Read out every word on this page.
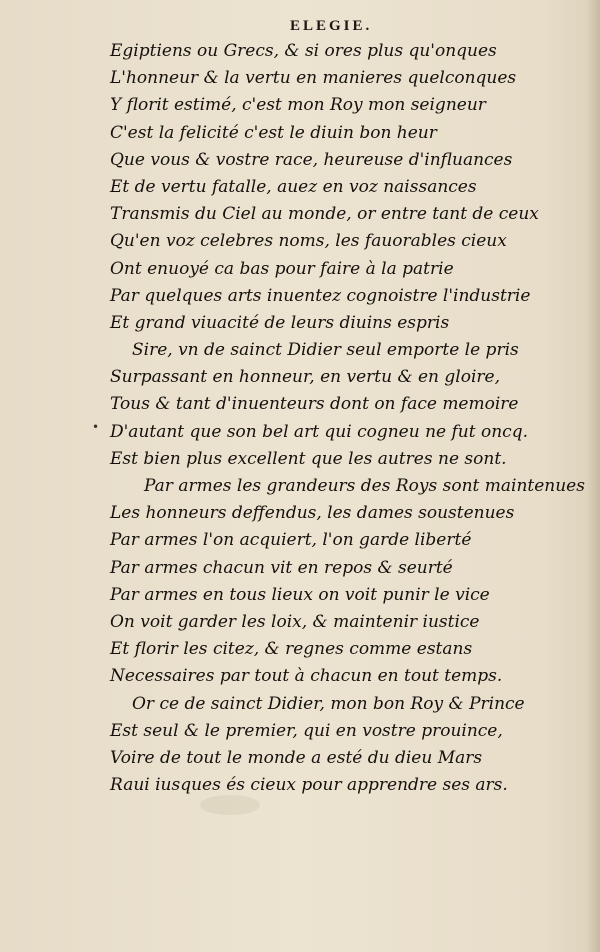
ELEGIE.
•
Egiptiens ou Grecs, & si ores plus qu'onques
L'honneur & la vertu en manieres quelconques
Y florit estimé, c'est mon Roy mon seigneur
C'est la felicité c'est le diuin bon heur
Que vous & vostre race, heureuse d'influances
Et de vertu fatalle, auez en voz naissances
Transmis du Ciel au monde, or entre tant de ceux
Qu'en voz celebres noms, les fauorables cieux
Ont enuoyé ca bas pour faire à la patrie
Par quelques arts inuentez cognoistre l'industrie
Et grand viuacité de leurs diuins espris
Sire, vn de sainct Didier seul emporte le pris
Surpassant en honneur, en vertu & en gloire,
Tous & tant d'inuenteurs dont on face memoire
D'autant que son bel art qui cogneu ne fut oncq.
Est bien plus excellent que les autres ne sont.
Par armes les grandeurs des Roys sont maintenues
Les honneurs deffendus, les dames soustenues
Par armes l'on acquiert, l'on garde liberté
Par armes chacun vit en repos & seurté
Par armes en tous lieux on voit punir le vice
On voit garder les loix, & maintenir iustice
Et florir les citez, & regnes comme estans
Necessaires par tout à chacun en tout temps.
Or ce de sainct Didier, mon bon Roy & Prince
Est seul & le premier, qui en vostre prouince,
Voire de tout le monde a esté du dieu Mars
Raui iusques és cieux pour apprendre ses ars.
